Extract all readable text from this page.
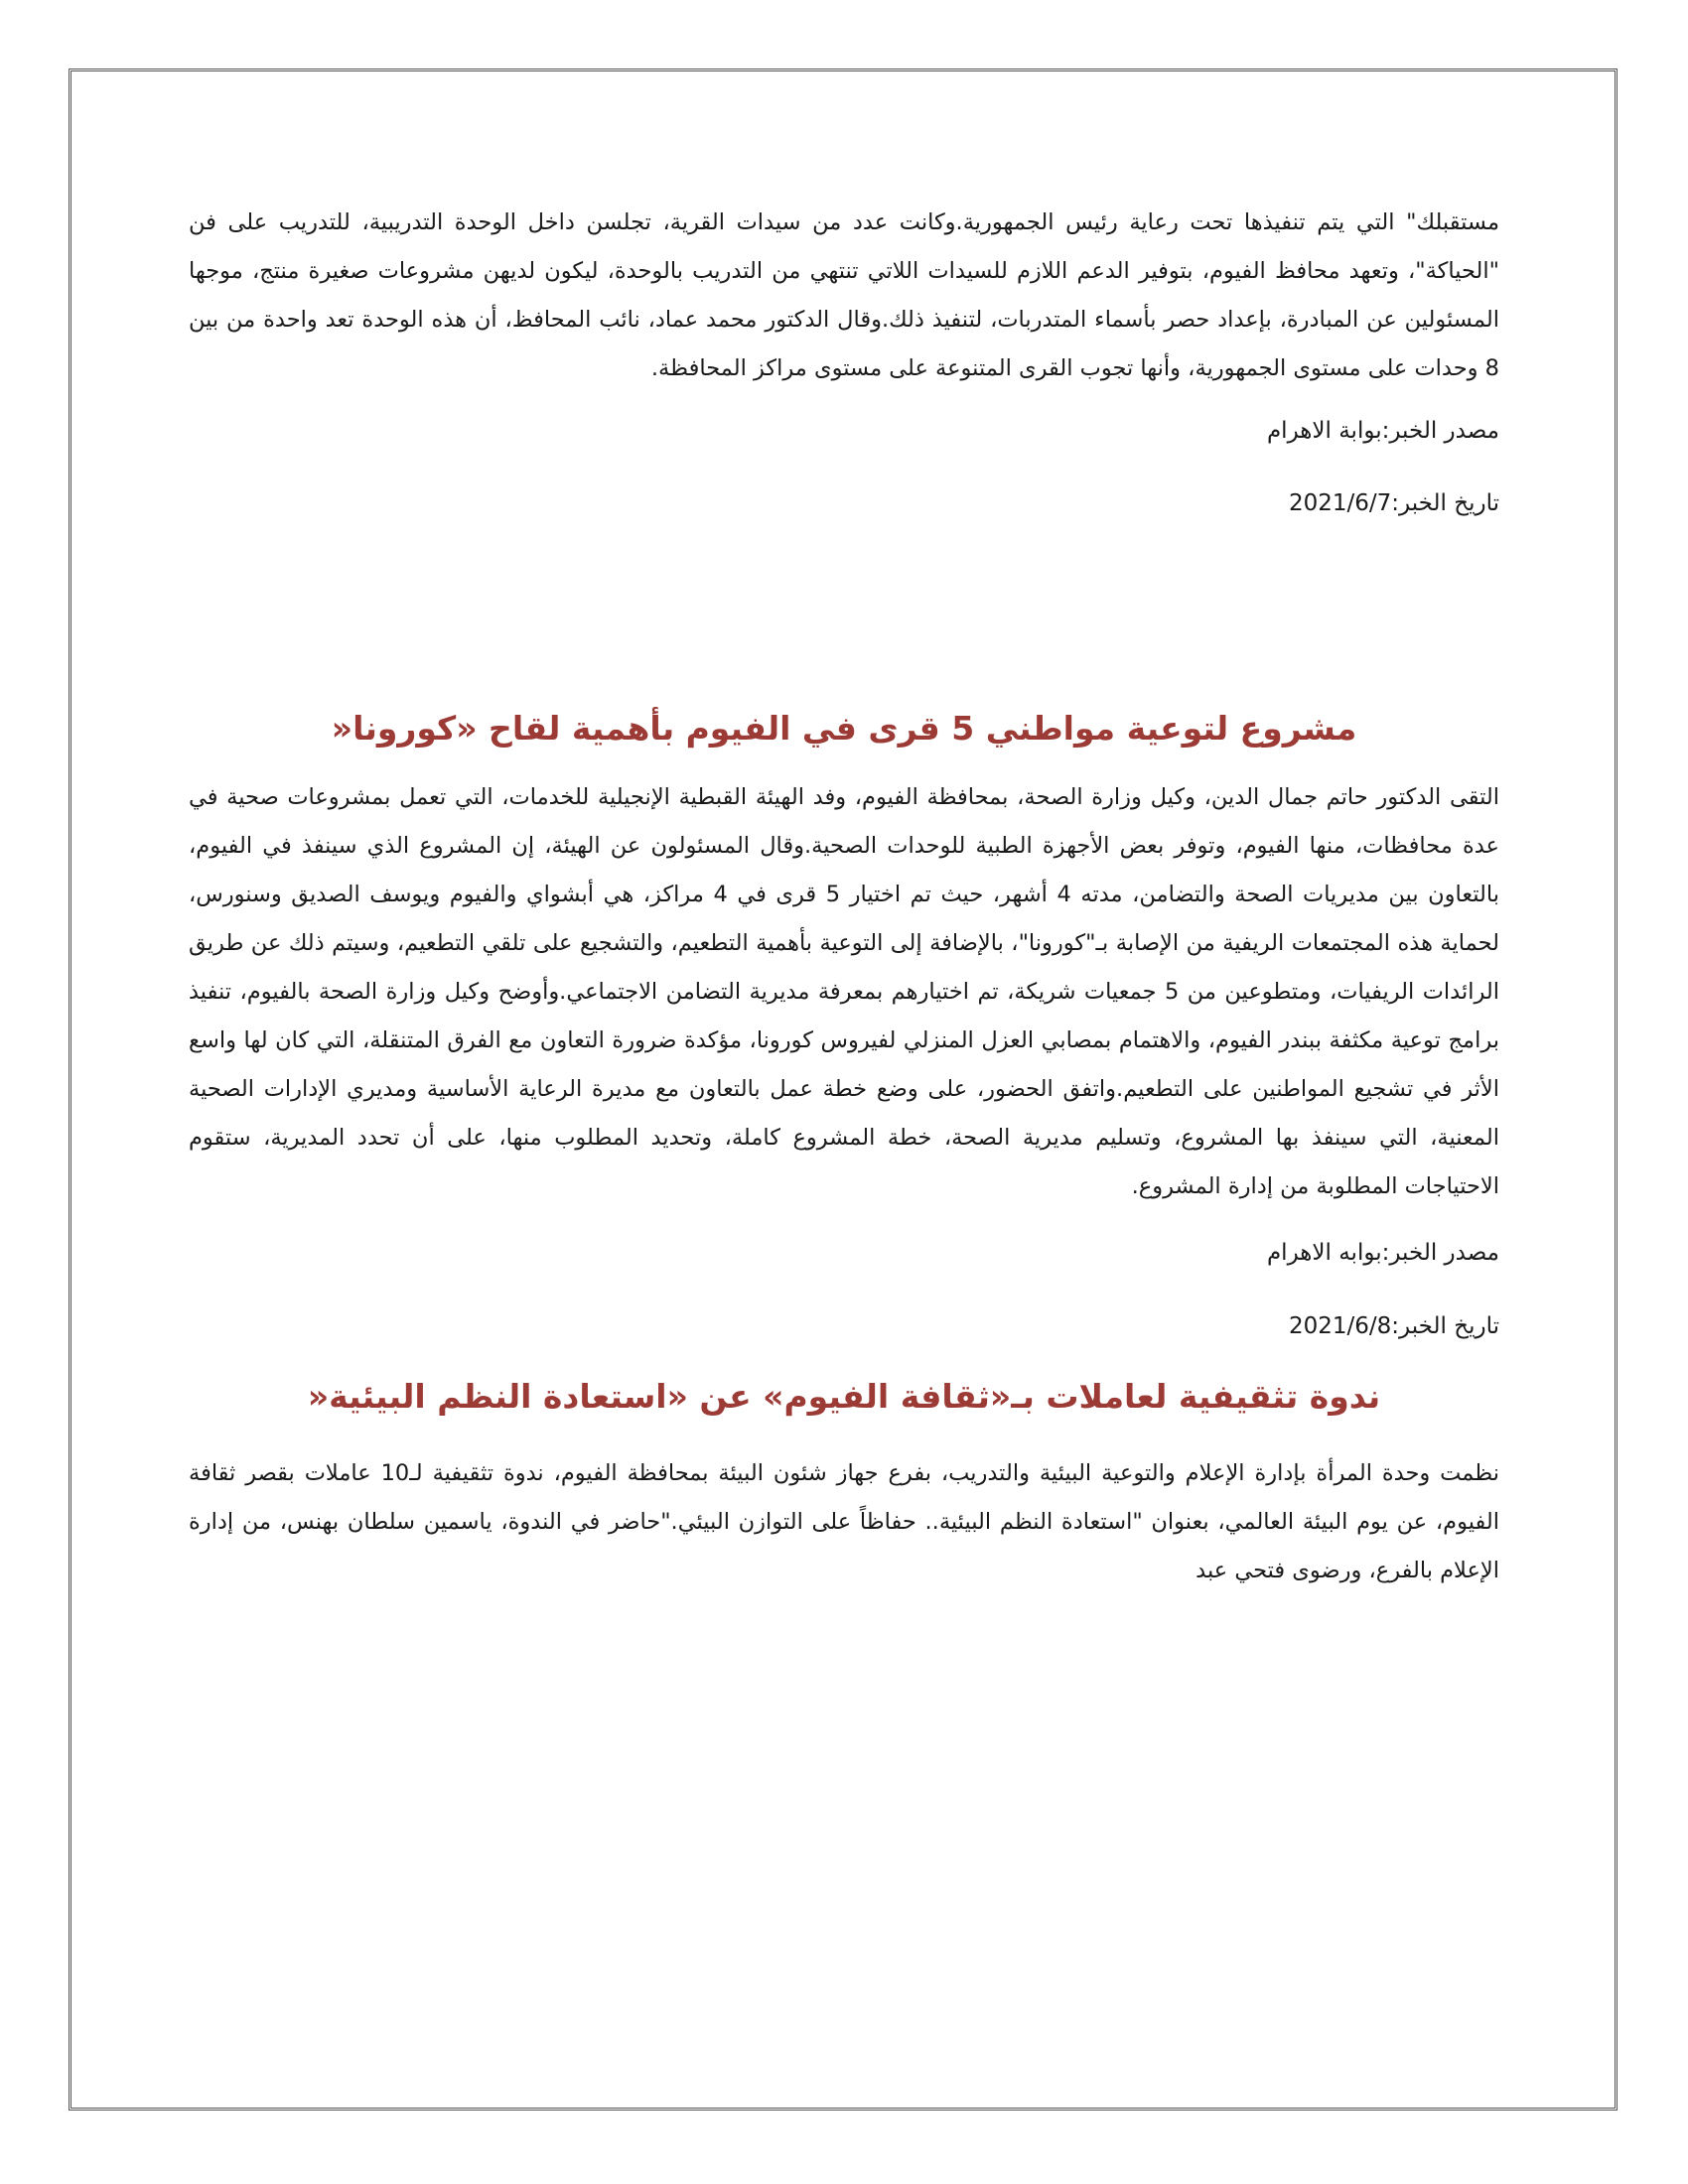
مستقبلك" التي يتم تنفيذها تحت رعاية رئيس الجمهورية.وكانت عدد من سيدات القرية، تجلسن داخل الوحدة التدريبية، للتدريب على فن "الحياكة"، وتعهد محافظ الفيوم، بتوفير الدعم اللازم للسيدات اللاتي تنتهي من التدريب بالوحدة، ليكون لديهن مشروعات صغيرة منتج، موجها المسئولين عن المبادرة، بإعداد حصر بأسماء المتدربات، لتنفيذ ذلك.وقال الدكتور محمد عماد، نائب المحافظ، أن هذه الوحدة تعد واحدة من بين 8 وحدات على مستوى الجمهورية، وأنها تجوب القرى المتنوعة على مستوى مراكز المحافظة.

مصدر الخبر:بوابة الاهرام

تاريخ الخبر:2021/6/7

مشروع لتوعية مواطني 5 قرى في الفيوم بأهمية لقاح «كورونا«

التقى الدكتور حاتم جمال الدين، وكيل وزارة الصحة، بمحافظة الفيوم، وفد الهيئة القبطية الإنجيلية للخدمات، التي تعمل بمشروعات صحية في عدة محافظات، منها الفيوم، وتوفر بعض الأجهزة الطبية للوحدات الصحية.وقال المسئولون عن الهيئة، إن المشروع الذي سينفذ في الفيوم، بالتعاون بين مديريات الصحة والتضامن، مدته 4 أشهر، حيث تم اختيار 5 قرى في 4 مراكز، هي أبشواي والفيوم ويوسف الصديق وسنورس، لحماية هذه المجتمعات الريفية من الإصابة بـ"كورونا"، بالإضافة إلى التوعية بأهمية التطعيم، والتشجيع على تلقي التطعيم، وسيتم ذلك عن طريق الرائدات الريفيات، ومتطوعين من 5 جمعيات شريكة، تم اختيارهم بمعرفة مديرية التضامن الاجتماعي.وأوضح وكيل وزارة الصحة بالفيوم، تنفيذ برامج توعية مكثفة ببندر الفيوم، والاهتمام بمصابي العزل المنزلي لفيروس كورونا، مؤكدة ضرورة التعاون مع الفرق المتنقلة، التي كان لها واسع الأثر في تشجيع المواطنين على التطعيم.واتفق الحضور، على وضع خطة عمل بالتعاون مع مديرة الرعاية الأساسية ومديري الإدارات الصحية المعنية، التي سينفذ بها المشروع، وتسليم مديرية الصحة، خطة المشروع كاملة، وتحديد المطلوب منها، على أن تحدد المديرية، ستقوم الاحتياجات المطلوبة من إدارة المشروع.

مصدر الخبر:بوابه الاهرام

تاريخ الخبر:2021/6/8

ندوة تثقيفية لعاملات بـ«ثقافة الفيوم» عن «استعادة النظم البيئية«

نظمت وحدة المرأة بإدارة الإعلام والتوعية البيئية والتدريب، بفرع جهاز شئون البيئة بمحافظة الفيوم، ندوة تثقيفية لـ10 عاملات بقصر ثقافة الفيوم، عن يوم البيئة العالمي، بعنوان "استعادة النظم البيئية.. حفاظاً على التوازن البيئي."حاضر في الندوة، ياسمين سلطان بهنس، من إدارة الإعلام بالفرع، ورضوى فتحي عبد
